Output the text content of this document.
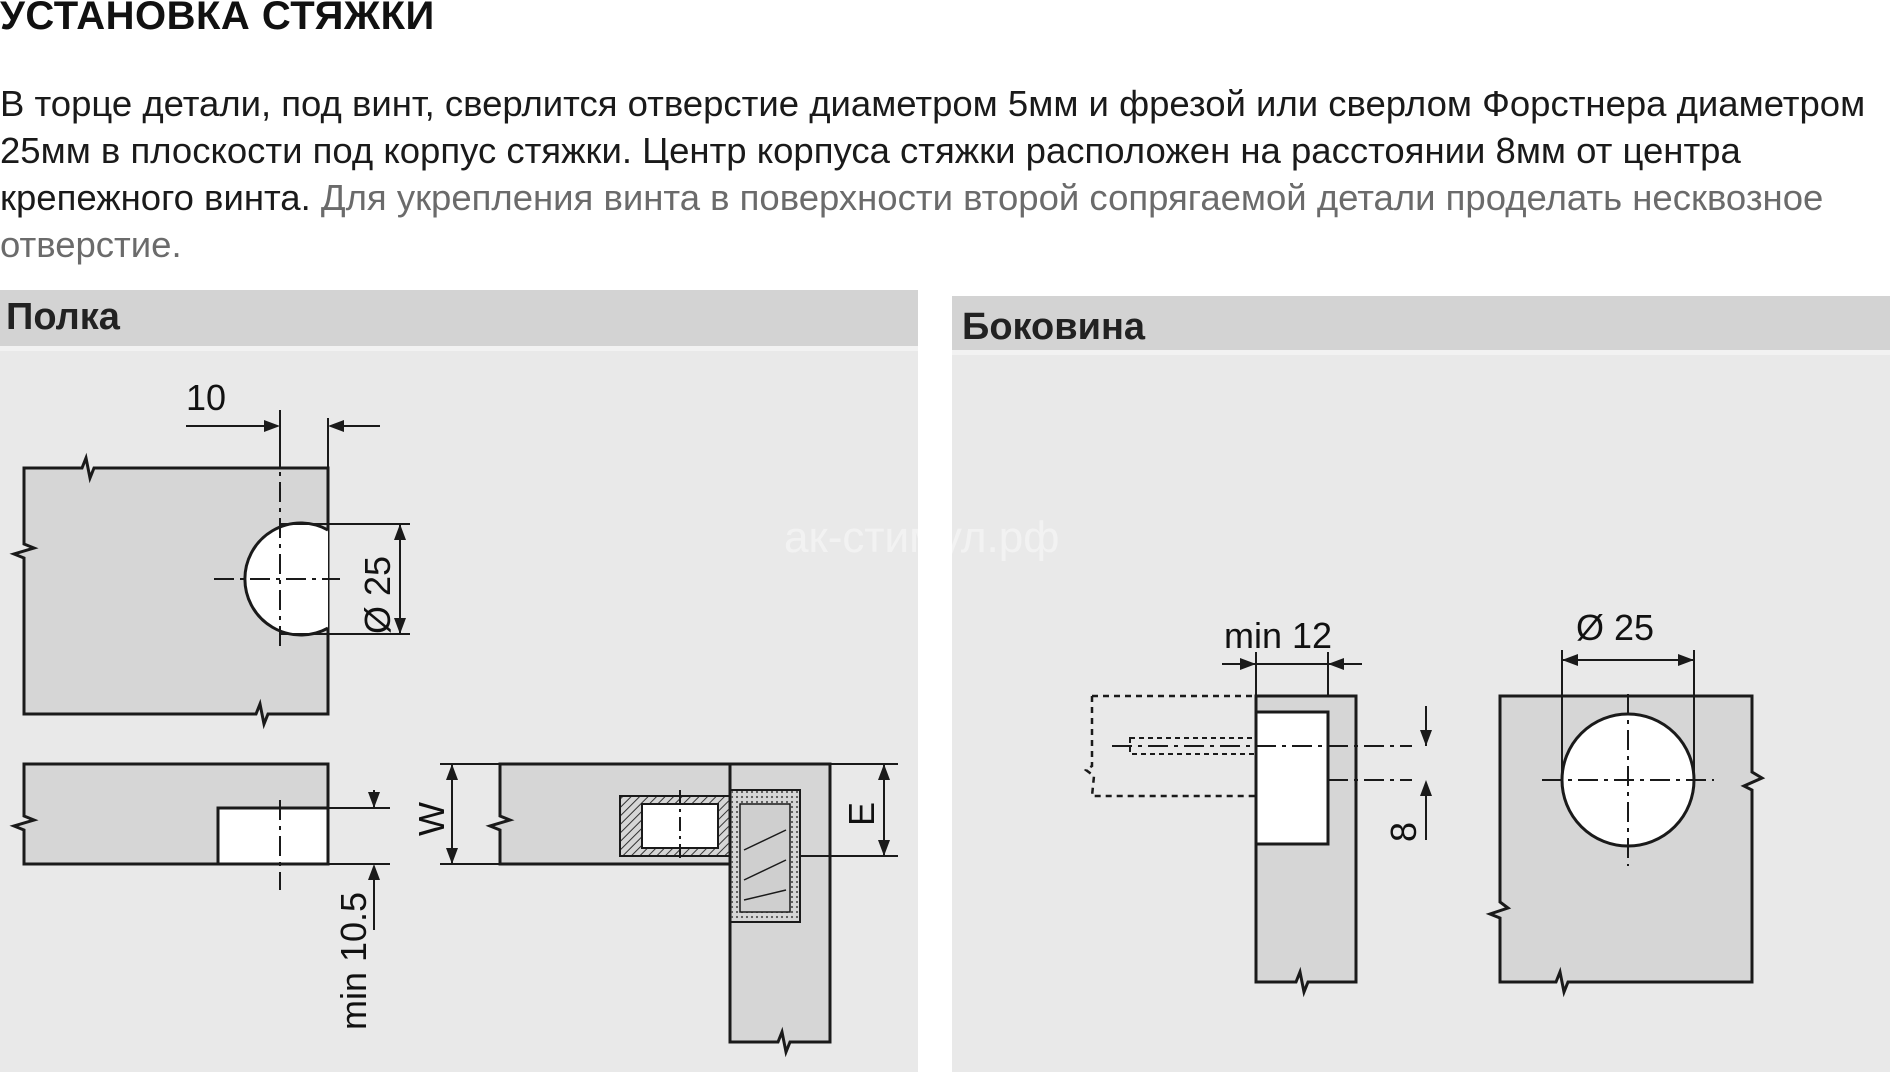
УСТАНОВКА СТЯЖКИ
В торце детали, под винт, сверлится отверстие диаметром 5мм и фрезой или сверлом Форстнера диаметром 25мм в плоскости под корпус стяжки. Центр корпуса стяжки расположен на расстоянии 8мм от центра крепежного винта. Для укрепления винта в поверхности второй сопрягаемой детали проделать несквозное отверстие.
Полка
10
Ø 25
min 10.5
W	E
Боковина
min 12
8
Ø 25
ак-стимул.рф
